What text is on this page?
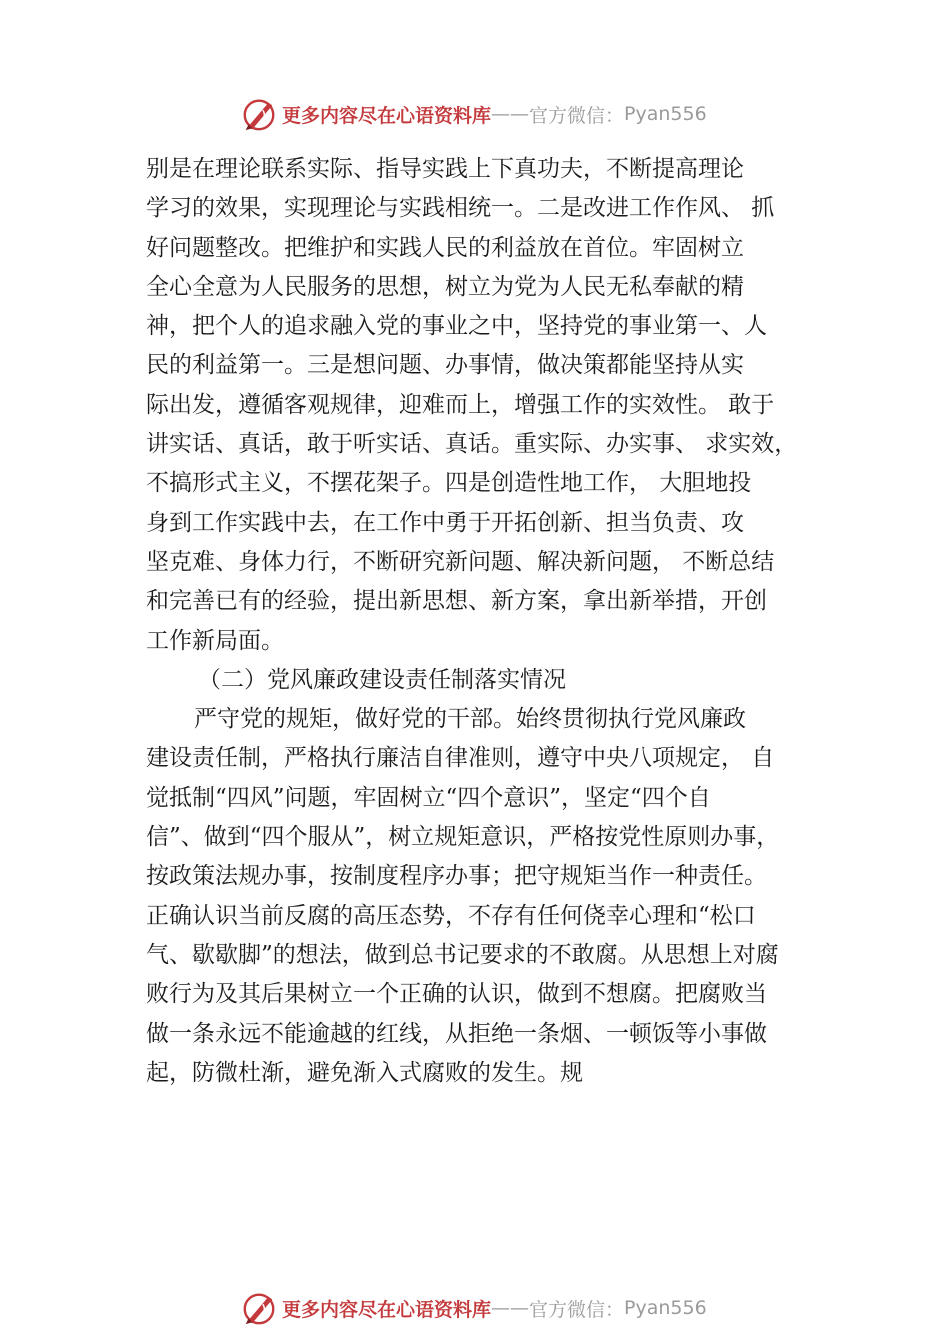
更多内容尽在心语资料库 —— 官方微信： Pyan556
别是在理论联系实际、指导实践上下真功夫，不断提高理论
学习的效果，实现理论与实践相统一。二是改进工作作风、 抓
好问题整改。把维护和实践人民的利益放在首位。牢固树立
全心全意为人民服务的思想，树立为党为人民无私奉献的精
神，把个人的追求融入党的事业之中，坚持党的事业第一、人
民的利益第一。三是想问题、办事情，做决策都能坚持从实
际出发，遵循客观规律，迎难而上，增强工作的实效性。 敢于
讲实话、真话，敢于听实话、真话。重实际、办实事、 求实效，
不搞形式主义，不摆花架子。四是创造性地工作， 大胆地投
身到工作实践中去，在工作中勇于开拓创新、担当负责、攻
坚克难、身体力行，不断研究新问题、解决新问题， 不断总结
和完善已有的经验，提出新思想、新方案，拿出新举措，开创
工作新局面。
（二）党风廉政建设责任制落实情况
严守党的规矩，做好党的干部。始终贯彻执行党风廉政
建设责任制，严格执行廉洁自律准则，遵守中央八项规定， 自
觉抵制“四风”问题，牢固树立“四个意识”，坚定“四个自
信”、做到“四个服从”，树立规矩意识，严格按党性原则办事，
按政策法规办事，按制度程序办事；把守规矩当作一种责任。
正确认识当前反腐的高压态势，不存有任何侥幸心理和“松口
气、歇歇脚”的想法，做到总书记要求的不敢腐。从思想上对腐
败行为及其后果树立一个正确的认识，做到不想腐。把腐败当
做一条永远不能逾越的红线，从拒绝一条烟、一顿饭等小事做
起，防微杜渐，避免渐入式腐败的发生。规
更多内容尽在心语资料库 —— 官方微信： Pyan556
